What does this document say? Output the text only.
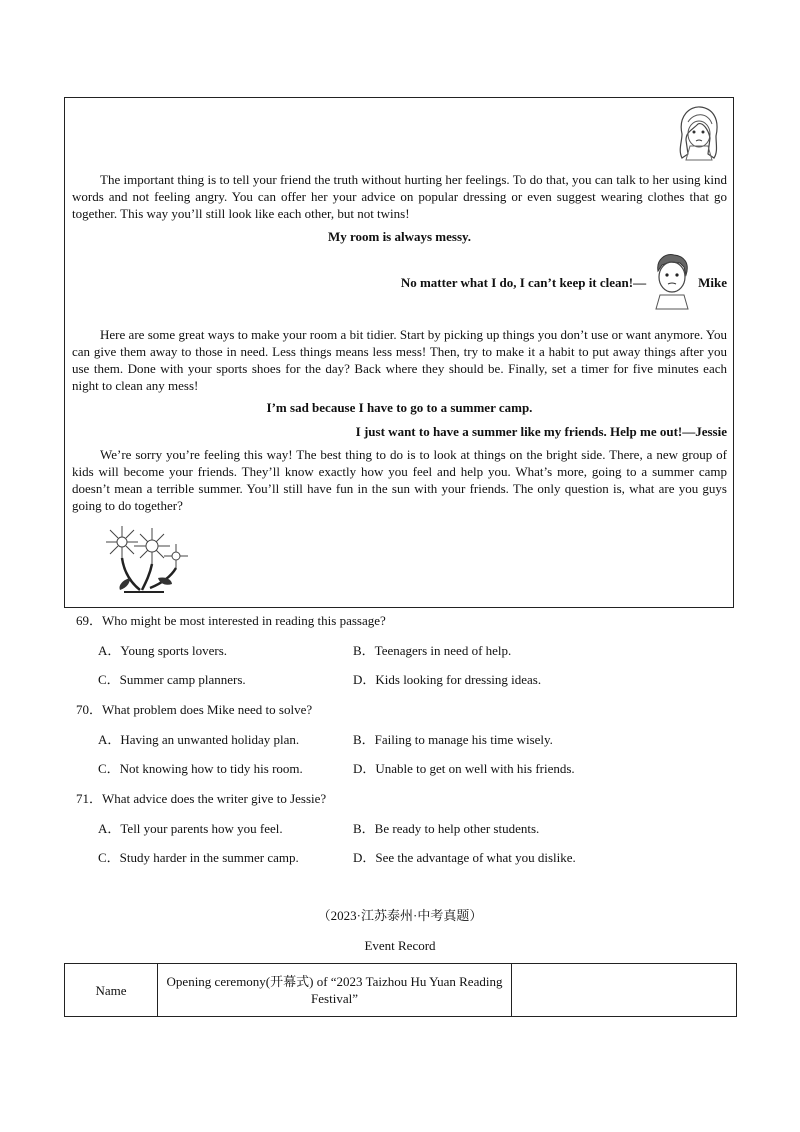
The important thing is to tell your friend the truth without hurting her feelings. To do that, you can talk to her using kind words and not feeling angry. You can offer her your advice on popular dressing or even suggest wearing clothes that go together. This way you’ll still look like each other, but not twins!

My room is always messy.

No matter what I do, I can’t keep it clean!—	Mike

Here are some great ways to make your room a bit tidier. Start by picking up things you don’t use or want anymore. You can give them away to those in need. Less things means less mess! Then, try to make it a habit to put away things after you use them. Done with your sports shoes for the day? Back where they should be. Finally, set a timer for five minutes each night to clean any mess!

I’m sad because I have to go to a summer camp.

I just want to have a summer like my friends. Help me out!—Jessie

We’re sorry you’re feeling this way! The best thing to do is to look at things on the bright side. There, a new group of kids will become your friends. They’ll know exactly how you feel and help you. What’s more, going to a summer camp doesn’t mean a terrible summer. You’ll still have fun in the sun with your friends. The only question is, what are you guys going to do together?

69．Who might be most interested in reading this passage?

A．Young sports lovers.	B．Teenagers in need of help.

C．Summer camp planners.	D．Kids looking for dressing ideas.

70．What problem does Mike need to solve?

A．Having an unwanted holiday plan.	B．Failing to manage his time wisely.

C．Not knowing how to tidy his room.	D．Unable to get on well with his friends.

71．What advice does the writer give to Jessie?

A．Tell your parents how you feel.	B．Be ready to help other students.

C．Study harder in the summer camp.	D．See the advantage of what you dislike.

（2023·江苏泰州·中考真题）

Event Record

Name	Opening ceremony(开幕式) of “2023 Taizhou Hu Yuan Reading Festival”	
